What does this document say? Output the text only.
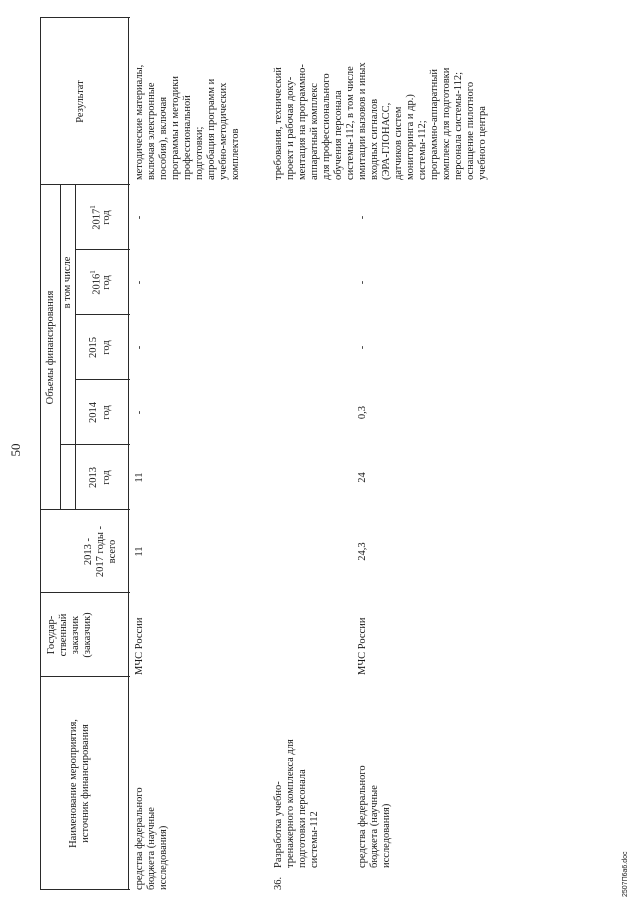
50
Наименование мероприятия, источник финансирования
Государ- ственный заказчик (заказчик)
Объемы финансирования
2013 - 2017 годы - всего
в том числе
2013 год
2014 год
2015 год
2016$^1$
год
2017$^1$
год
Результат
средства федерального бюджета (научные исследования)
МЧС России
11
11
-
-
-
-
методические материалы, включая электронные пособия), включая программы и методики профессиональной подготовки; апробация программ и учебно-методических комплектов
36.
Разработка учебно- тренажерного комплекса для подготовки персонала системы-112
требования, технический проект и рабочая доку- ментация на программно- аппаратный комплекс для профессионального обучения персонала системы-112, в том числе имитации вызовов и иных входных сигналов (ЭРА-ГЛОНАСС, датчиков систем мониторинга и др.) системы-112; программно-аппаратный комплекс для подготовки персонала системы-112; оснащение пилотного учебного центра
средства федерального бюджета (научные исследования)
МЧС России
24,3
24
0,3
-
-
-
2507П6а6.doc
